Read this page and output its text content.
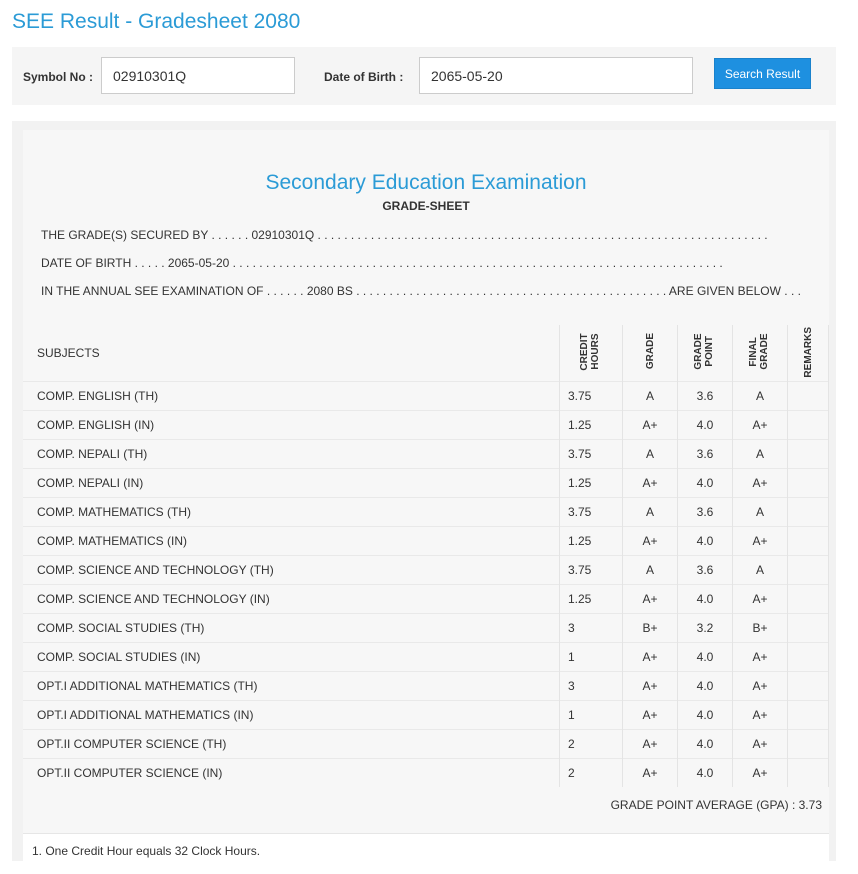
SEE Result - Gradesheet 2080
Symbol No :
02910301Q	Date of Birth :
2065-05-20	Search Result
Secondary Education Examination
GRADE-SHEET
THE GRADE(S) SECURED BY . . . . . . 02910301Q . . . . . . . . . . . . . . . . . . . . . . . . . . . . . . . . . . . . . . . . . . . . . . . . . . . . . . . . . . . . . . . . . . . .
DATE OF BIRTH . . . . . 2065-05-20 . . . . . . . . . . . . . . . . . . . . . . . . . . . . . . . . . . . . . . . . . . . . . . . . . . . . . . . . . . . . . . . . . . . . . . . . . .
IN THE ANNUAL SEE EXAMINATION OF . . . . . . 2080 BS . . . . . . . . . . . . . . . . . . . . . . . . . . . . . . . . . . . . . . . . . . . . . . . ARE GIVEN BELOW . . .
SUBJECTS	CREDIT HOURS	GRADE	GRADE POINT	FINAL GRADE	REMARKS
COMP. ENGLISH (TH)	3.75	A	3.6	A	
COMP. ENGLISH (IN)	1.25	A+	4.0	A+	
COMP. NEPALI (TH)	3.75	A	3.6	A	
COMP. NEPALI (IN)	1.25	A+	4.0	A+	
COMP. MATHEMATICS (TH)	3.75	A	3.6	A	
COMP. MATHEMATICS (IN)	1.25	A+	4.0	A+	
COMP. SCIENCE AND TECHNOLOGY (TH)	3.75	A	3.6	A	
COMP. SCIENCE AND TECHNOLOGY (IN)	1.25	A+	4.0	A+	
COMP. SOCIAL STUDIES (TH)	3	B+	3.2	B+	
COMP. SOCIAL STUDIES (IN)	1	A+	4.0	A+	
OPT.I ADDITIONAL MATHEMATICS (TH)	3	A+	4.0	A+	
OPT.I ADDITIONAL MATHEMATICS (IN)	1	A+	4.0	A+	
OPT.II COMPUTER SCIENCE (TH)	2	A+	4.0	A+	
OPT.II COMPUTER SCIENCE (IN)	2	A+	4.0	A+	
GRADE POINT AVERAGE (GPA) : 3.73
1. One Credit Hour equals 32 Clock Hours.
